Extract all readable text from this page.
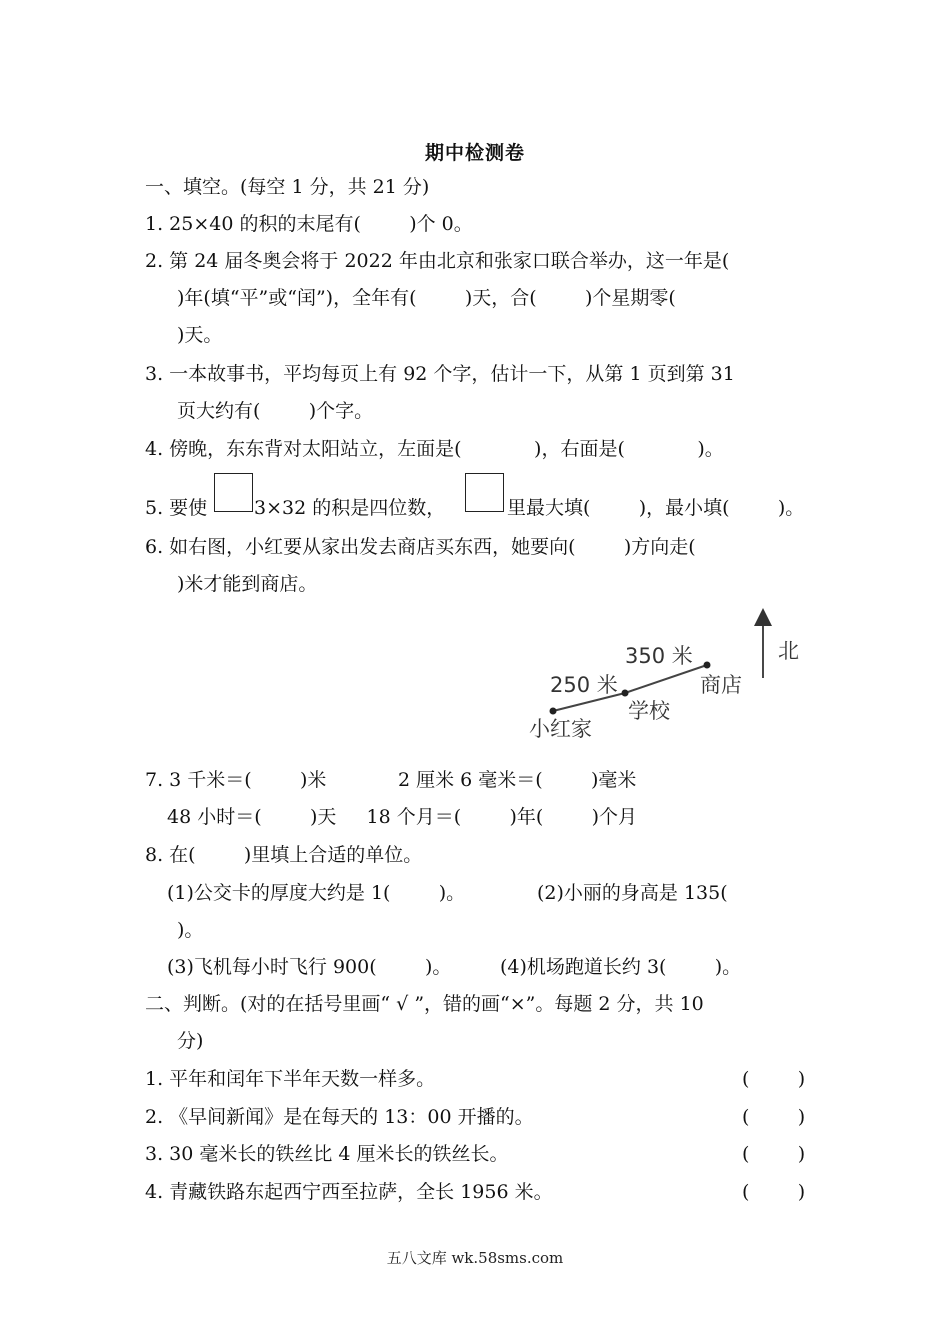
期中检测卷
一、填空。(每空 1 分，共 21 分)
1. 25×40 的积的末尾有(        )个 0。
2. 第 24 届冬奥会将于 2022 年由北京和张家口联合举办，这一年是(
)年(填“平”或“闰”)，全年有(        )天，合(        )个星期零(
)天。
3. 一本故事书，平均每页上有 92 个字，估计一下，从第 1 页到第 31
页大约有(        )个字。
4. 傍晚，东东背对太阳站立，左面是(            )，右面是(            )。
5. 要使 3×32 的积是四位数，	里最大填(        )，最小填(        )。
6. 如右图，小红要从家出发去商店买东西，她要向(        )方向走(
)米才能到商店。
350 米
250 米
小红家
学校
商店
北
7. 3 千米＝(        )米	2 厘米 6 毫米＝(        )毫米
48 小时＝(        )天     18 个月＝(        )年(        )个月
8. 在(        )里填上合适的单位。
(1)公交卡的厚度大约是 1(        )。	(2)小丽的身高是 135(
)。
(3)飞机每小时飞行 900(        )。	(4)机场跑道长约 3(        )。
二、判断。(对的在括号里画“ √ ”，错的画“×”。每题 2 分，共 10
分)
1. 平年和闰年下半年天数一样多。	(        )
2. 《早间新闻》是在每天的 13：00 开播的。	(        )
3. 30 毫米长的铁丝比 4 厘米长的铁丝长。	(        )
4. 青藏铁路东起西宁西至拉萨，全长 1956 米。	(        )
五八文库 wk.58sms.com
